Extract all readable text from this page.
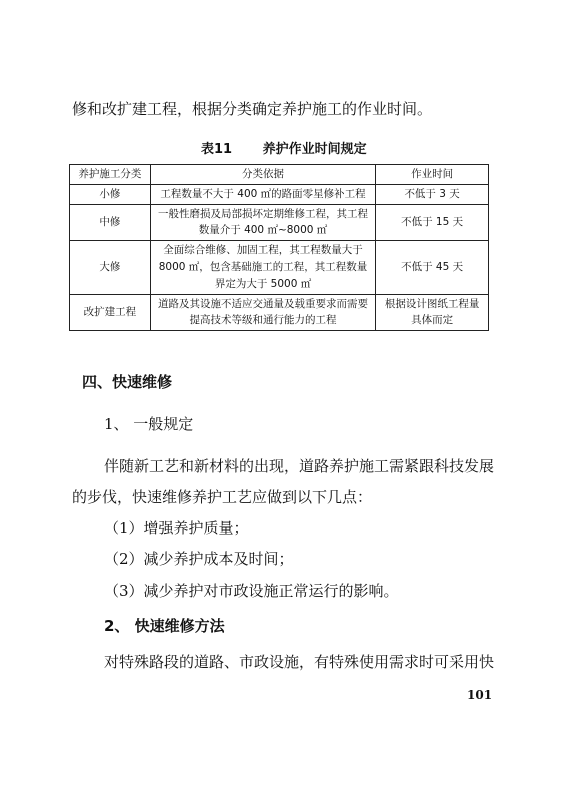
修和改扩建工程，根据分类确定养护施工的作业时间。
表11 养护作业时间规定
养护施工分类	分类依据	作业时间
小修	工程数量不大于 400 ㎡的路面零星修补工程	不低于 3 天
中修	一般性磨损及局部损坏定期维修工程，其工程数量介于 400 ㎡~8000 ㎡	不低于 15 天
大修	全面综合维修、加固工程，其工程数量大于 8000 ㎡，包含基础施工的工程，其工程数量界定为大于 5000 ㎡	不低于 45 天
改扩建工程	道路及其设施不适应交通量及载重要求而需要提高技术等级和通行能力的工程	根据设计图纸工程量具体而定
四、快速维修
1、 一般规定
伴随新工艺和新材料的出现，道路养护施工需紧跟科技发展
的步伐，快速维修养护工艺应做到以下几点：
（1）增强养护质量；
（2）减少养护成本及时间；
（3）减少养护对市政设施正常运行的影响。
2、 快速维修方法
对特殊路段的道路、市政设施，有特殊使用需求时可采用快
101
